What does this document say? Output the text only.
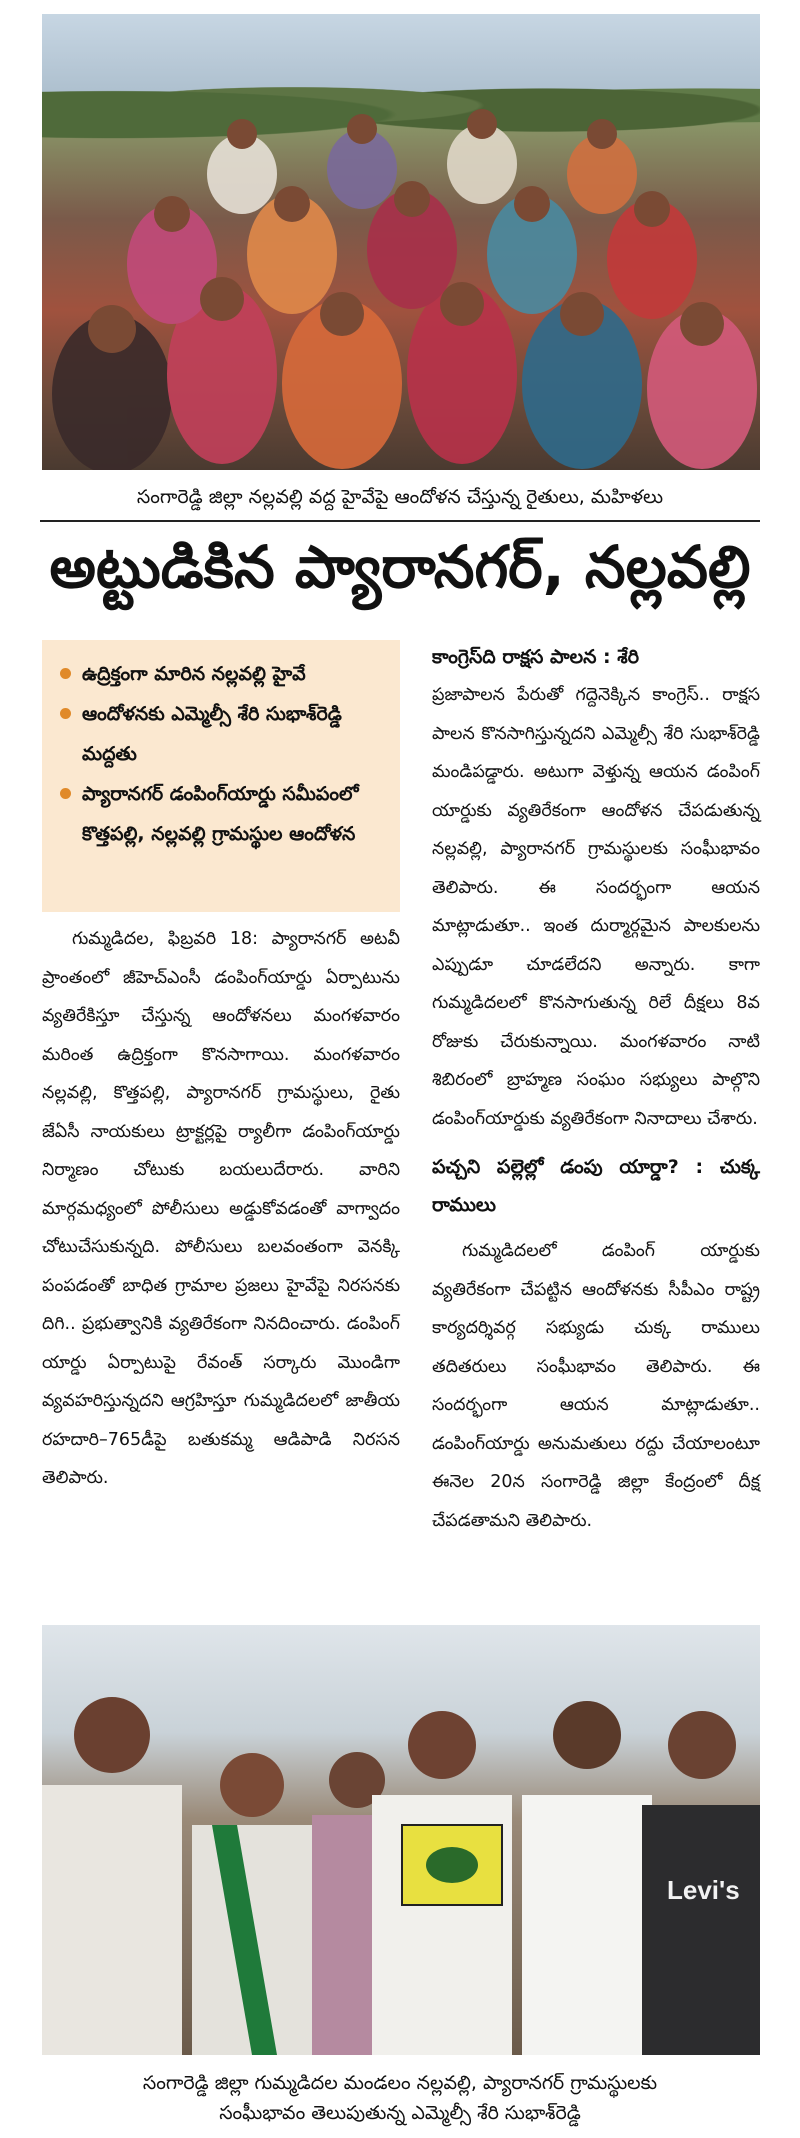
సంగారెడ్డి జిల్లా నల్లవల్లి వద్ద హైవేపై ఆందోళన చేస్తున్న రైతులు, మహిళలు
అట్టుడికిన ప్యారానగర్, నల్లవల్లి
ఉద్రిక్తంగా మారిన నల్లవల్లి హైవే
ఆందోళనకు ఎమ్మెల్సీ శేరి సుభాశ్‌రెడ్డి మద్దతు
ప్యారానగర్ డంపింగ్‌యార్డు సమీపంలో కొత్తపల్లి, నల్లవల్లి గ్రామస్థుల ఆందోళన

గుమ్మడిదల, ఫిబ్రవరి 18: ప్యారానగర్ అటవీ ప్రాంతంలో జీహెచ్‌ఎంసీ డంపింగ్‌యార్డు ఏర్పాటును వ్యతిరేకిస్తూ చేస్తున్న ఆందోళనలు మంగళవారం మరింత ఉద్రిక్తంగా కొనసాగాయి. మంగళవారం నల్లవల్లి, కొత్తపల్లి, ప్యారానగర్ గ్రామస్థులు, రైతు జేఏసీ నాయకులు ట్రాక్టర్లపై ర్యాలీగా డంపింగ్‌యార్డు నిర్మాణం చోటుకు బయలుదేరారు. వారిని మార్గమధ్యంలో పోలీసులు అడ్డుకోవడంతో వాగ్వాదం చోటుచేసుకున్నది. పోలీసులు బలవంతంగా వెనక్కి పంపడంతో బాధిత గ్రామాల ప్రజలు హైవేపై నిరసనకు దిగి.. ప్రభుత్వానికి వ్యతిరేకంగా నినదించారు. డంపింగ్ యార్డు ఏర్పాటుపై రేవంత్ సర్కారు మొండిగా వ్యవహరిస్తున్నదని ఆగ్రహిస్తూ గుమ్మడిదలలో జాతీయ రహదారి–765డీపై బతుకమ్మ ఆడిపాడి నిరసన తెలిపారు.

కాంగ్రెస్‌ది రాక్షస పాలన : శేరి

ప్రజాపాలన పేరుతో గద్దెనెక్కిన కాంగ్రెస్.. రాక్షస పాలన కొనసాగిస్తున్నదని ఎమ్మెల్సీ శేరి సుభాశ్‌రెడ్డి మండిపడ్డారు. అటుగా వెళ్తున్న ఆయన డంపింగ్ యార్డుకు వ్యతిరేకంగా ఆందోళన చేపడుతున్న నల్లవల్లి, ప్యారానగర్ గ్రామస్థులకు సంఘీభావం తెలిపారు. ఈ సందర్భంగా ఆయన మాట్లాడుతూ.. ఇంత దుర్మార్గమైన పాలకులను ఎప్పుడూ చూడలేదని అన్నారు. కాగా గుమ్మడిదలలో కొనసాగుతున్న రిలే దీక్షలు 8వ రోజుకు చేరుకున్నాయి. మంగళవారం నాటి శిబిరంలో బ్రాహ్మణ సంఘం సభ్యులు పాల్గొని డంపింగ్‌యార్డుకు వ్యతిరేకంగా నినాదాలు చేశారు.

పచ్చని పల్లెల్లో డంపు యార్డా? : చుక్క రాములు

గుమ్మడిదలలో డంపింగ్ యార్డుకు వ్యతిరేకంగా చేపట్టిన ఆందోళనకు సీపీఎం రాష్ట్ర కార్యదర్శివర్గ సభ్యుడు చుక్క రాములు తదితరులు సంఘీభావం తెలిపారు. ఈ సందర్భంగా ఆయన మాట్లాడుతూ.. డంపింగ్‌యార్డు అనుమతులు రద్దు చేయాలంటూ ఈనెల 20న సంగారెడ్డి జిల్లా కేంద్రంలో దీక్ష చేపడతామని తెలిపారు.

Levi's
సంగారెడ్డి జిల్లా గుమ్మడిదల మండలం నల్లవల్లి, ప్యారానగర్ గ్రామస్థులకు
సంఘీభావం తెలుపుతున్న ఎమ్మెల్సీ శేరి సుభాశ్‌రెడ్డి
